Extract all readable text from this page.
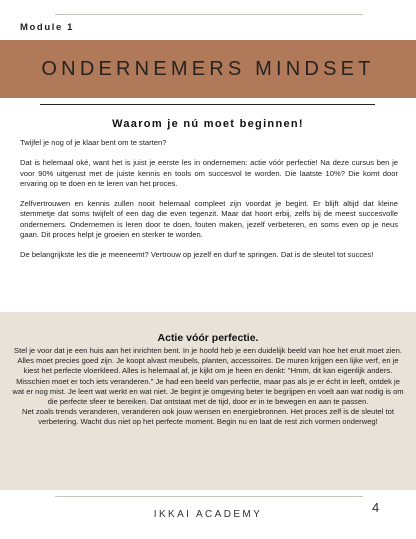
Module 1
ONDERNEMERS MINDSET
Waarom je nú moet beginnen!

Twijfel je nog of je klaar bent om te starten?

Dat is helemaal oké, want het is juist je eerste les in ondernemen: actie vóór perfectie! Na deze cursus ben je voor 90% uitgerust met de juiste kennis en tools om succesvol te worden. Die laatste 10%? Die komt door ervaring op te doen en te leren van het proces.

Zelfvertrouwen en kennis zullen nooit helemaal compleet zijn voordat je begint. Er blijft altijd dat kleine stemmetje dat soms twijfelt of een dag die even tegenzit. Maar dat hoort erbij, zelfs bij de meest succesvolle ondernemers. Ondernemen is leren door te doen, fouten maken, jezelf verbeteren, en soms even op je neus gaan. Dit proces helpt je groeien en sterker te worden.

De belangrijkste les die je meeneemt? Vertrouw op jezelf en durf te springen. Dat is de sleutel tot succes!

Actie vóór perfectie.
Stel je voor dat je een huis aan het inrichten bent. In je hoofd heb je een duidelijk beeld van hoe het eruit moet zien. Alles moet precies goed zijn. Je koopt alvast meubels, planten, accessoires. De muren krijgen een lijke verf, en je kiest het perfecte vloerkleed. Alles is helemaal af, je kijkt om je heen en denkt: "Hmm, dit kan eigenlijk anders. Misschien moet er toch iets veranderen." Je had een beeld van perfectie, maar pas als je er écht in leeft, ontdek je wat er nog mist. Je leert wat werkt en wat niet. Je begint je omgeving beter te begrijpen en voelt aan wat nodig is om die perfecte sfeer te bereiken. Dat ontstaat met de tijd, door er in te bewegen en aan te passen.
Net zoals trends veranderen, veranderen ook jouw wensen en energiebronnen. Het proces zelf is de sleutel tot verbetering. Wacht dus niet op het perfecte moment. Begin nu en laat de rest zich vormen onderweg!
IKKAI ACADEMY	4
